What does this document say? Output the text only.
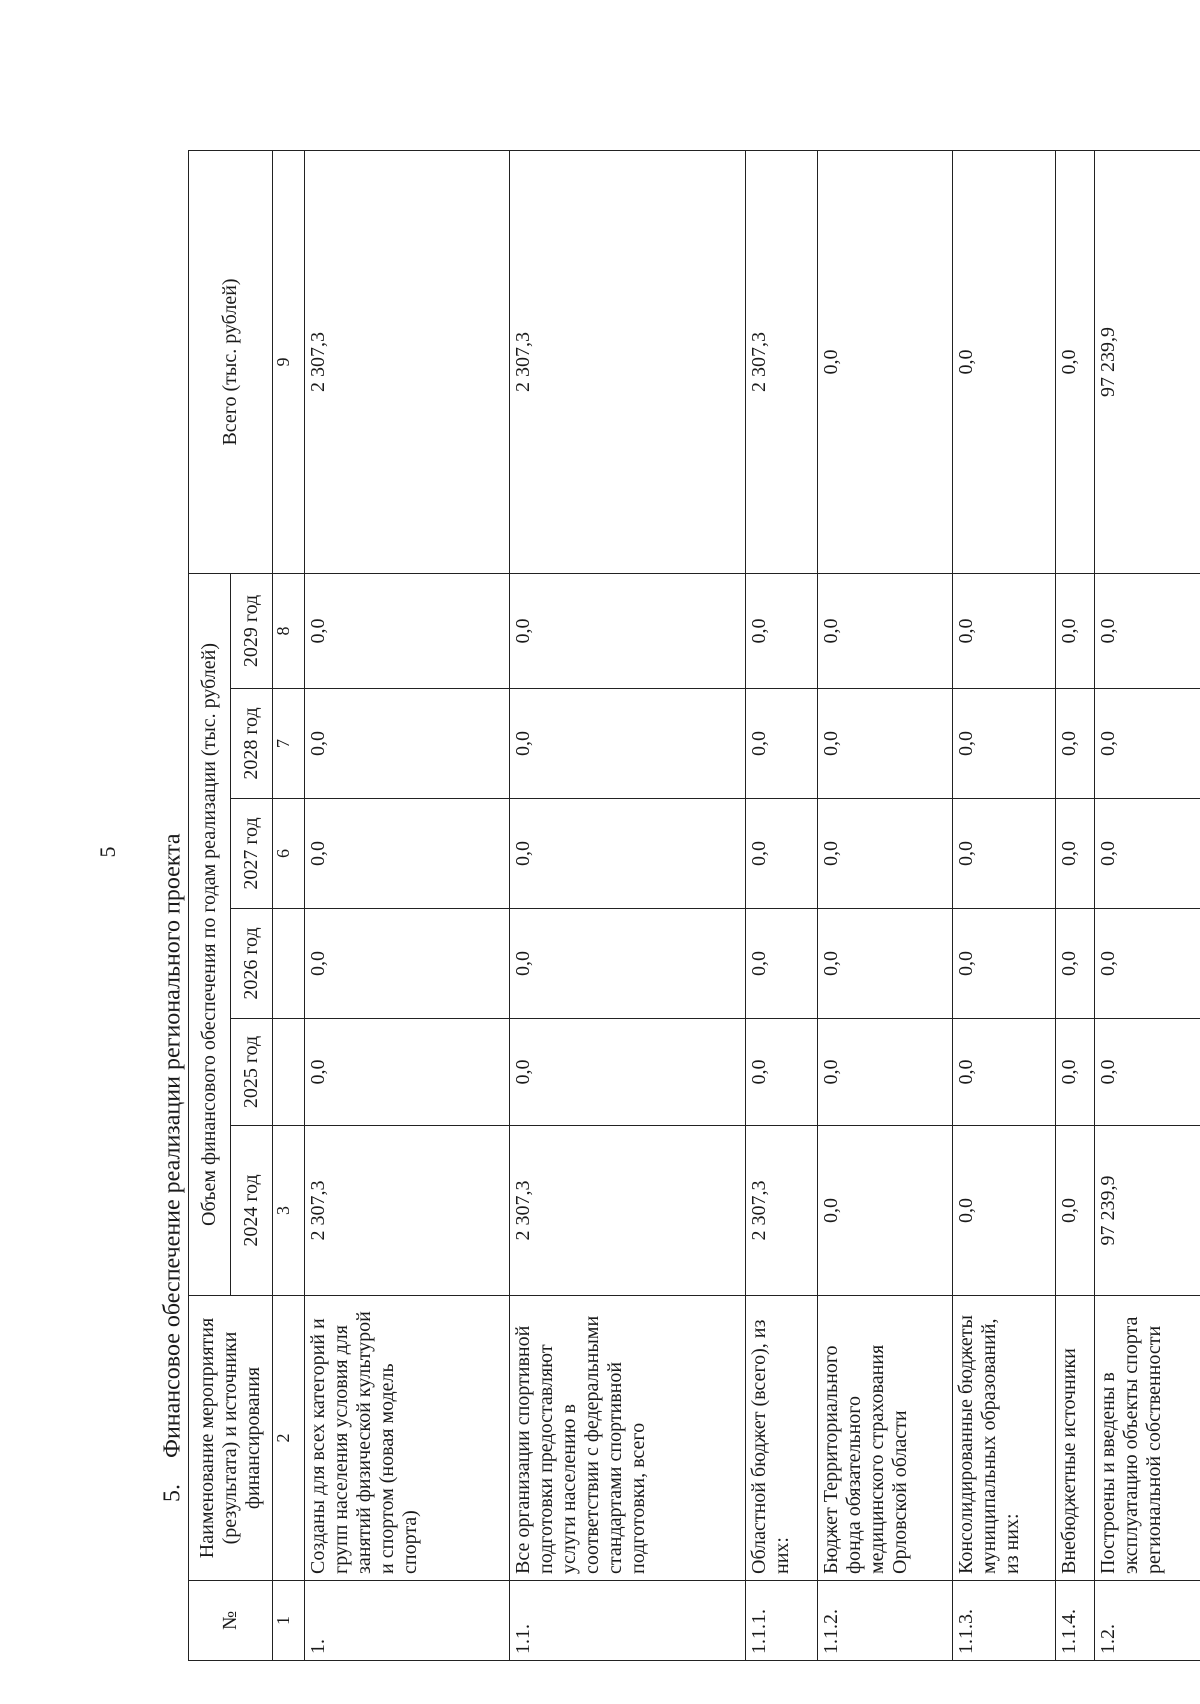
5
5.Финансовое обеспечение реализации регионального проекта
№	Наименование мероприятия (результата) и источники финансирования	Объем финансового обеспечения по годам реализации (тыс. рублей)						Всего (тыс. рублей)
		2024 год	2025 год	2026 год	2027 год	2028 год	2029 год	
1	2	3			6	7	8	9
1.	Созданы для всех категорий и групп населения условия для занятий физической культурой и спортом (новая модель спорта)	2 307,3	0,0	0,0	0,0	0,0	0,0	2 307,3
1.1.	Все организации спортивной подготовки предоставляют услуги населению в соответствии с федеральными стандартами спортивной подготовки, всего	2 307,3	0,0	0,0	0,0	0,0	0,0	2 307,3
1.1.1.	Областной бюджет (всего), из них:	2 307,3	0,0	0,0	0,0	0,0	0,0	2 307,3
1.1.2.	Бюджет Территориального фонда обязательного медицинского страхования Орловской области	0,0	0,0	0,0	0,0	0,0	0,0	0,0
1.1.3.	Консолидированные бюджеты муниципальных образований, из них:	0,0	0,0	0,0	0,0	0,0	0,0	0,0
1.1.4.	Внебюджетные источники	0,0	0,0	0,0	0,0	0,0	0,0	0,0
1.2.	Построены и введены в эксплуатацию объекты спорта региональной собственности	97 239,9	0,0	0,0	0,0	0,0	0,0	97 239,9
